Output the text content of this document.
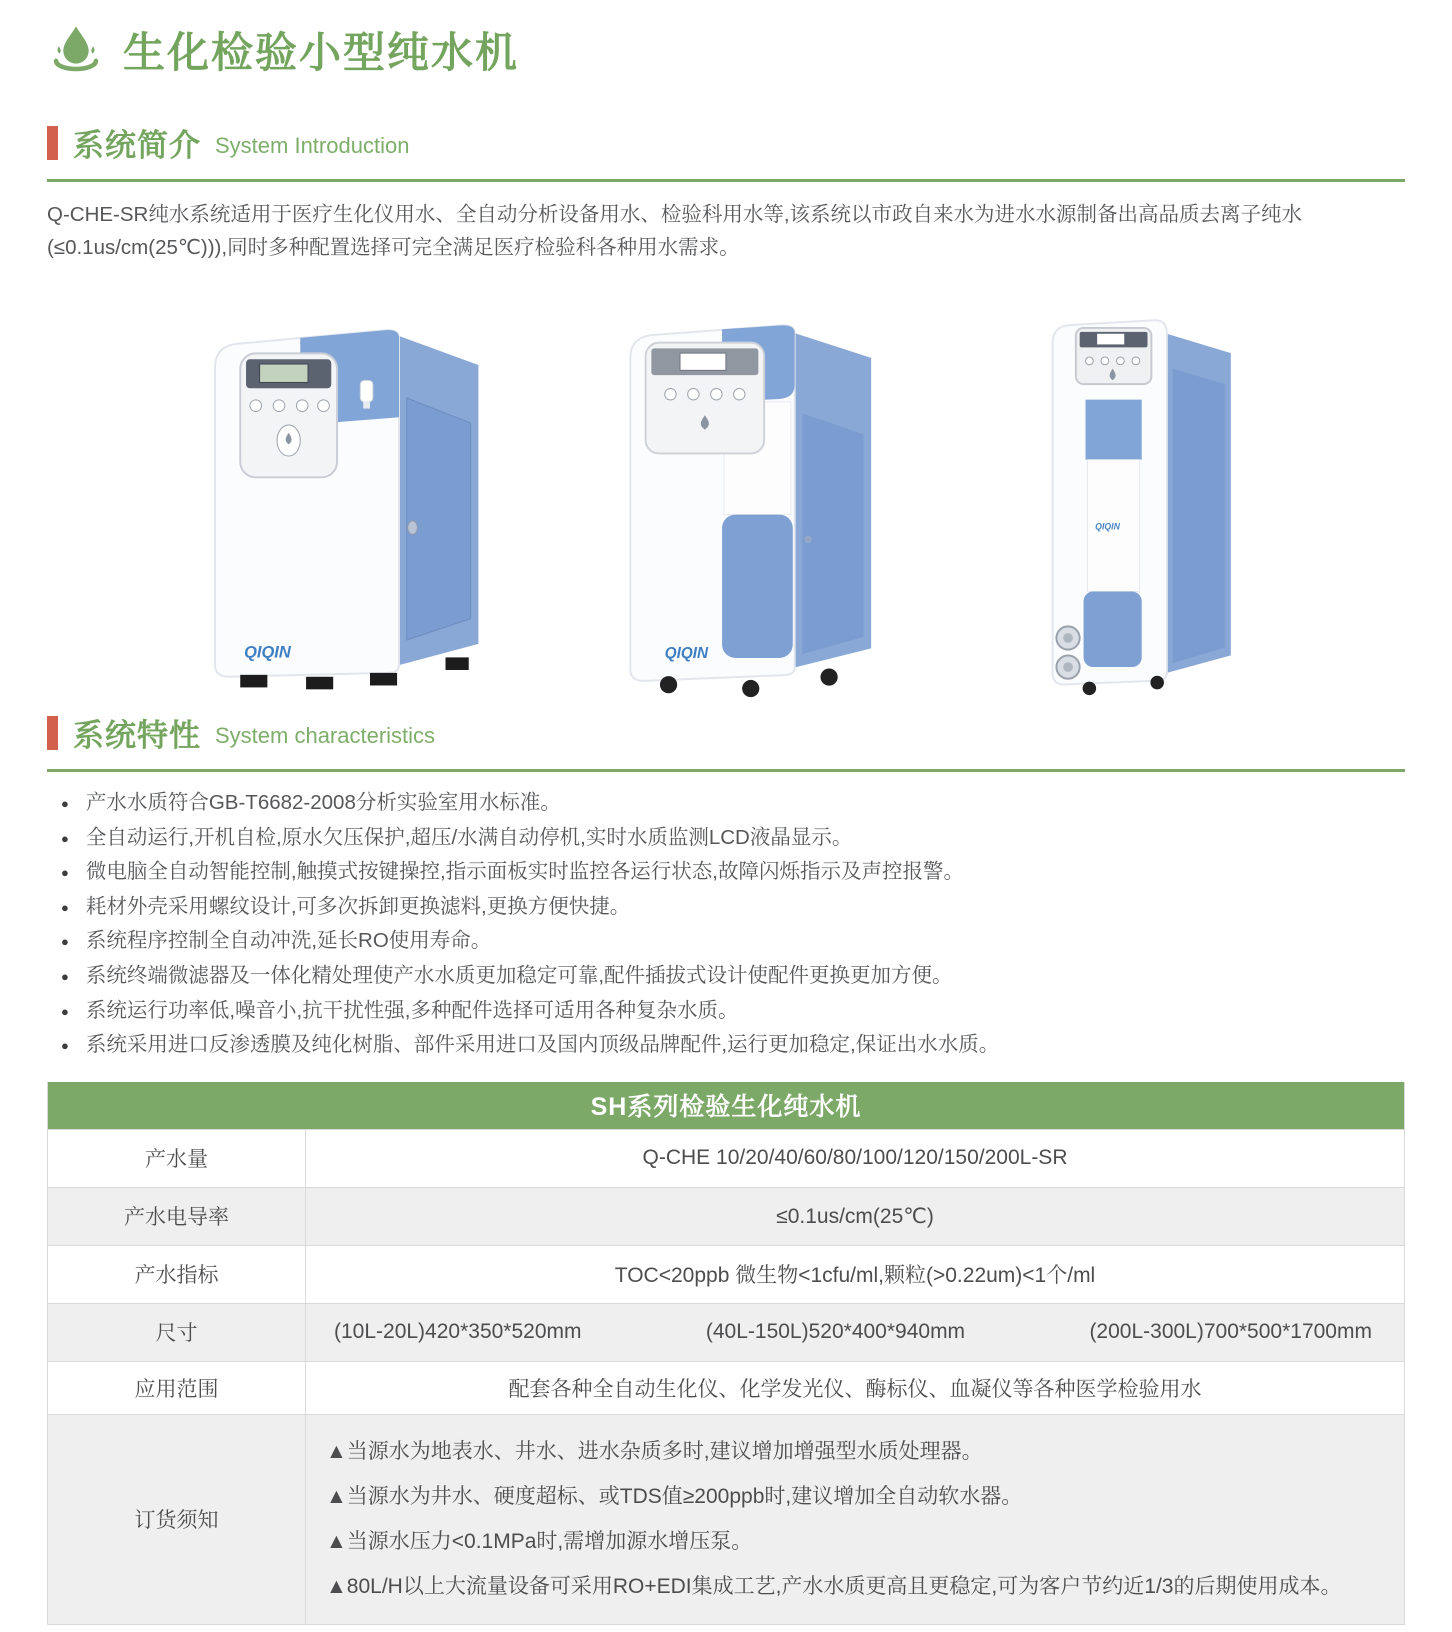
生化检验小型纯水机
系统简介 System Introduction

Q-CHE-SR纯水系统适用于医疗生化仪用水、全自动分析设备用水、检验科用水等,该系统以市政自来水为进水水源制备出高品质去离子纯水(≤0.1us/cm(25℃))),同时多种配置选择可完全满足医疗检验科各种用水需求。

QIQIN	QIQIN
QIQIN
系统特性 System characteristics
● 产水水质符合GB-T6682-2008分析实验室用水标准。
● 全自动运行,开机自检,原水欠压保护,超压/水满自动停机,实时水质监测LCD液晶显示。
● 微电脑全自动智能控制,触摸式按键操控,指示面板实时监控各运行状态,故障闪烁指示及声控报警。
● 耗材外壳采用螺纹设计,可多次拆卸更换滤料,更换方便快捷。
● 系统程序控制全自动冲洗,延长RO使用寿命。
● 系统终端微滤器及一体化精处理使产水水质更加稳定可靠,配件插拔式设计使配件更换更加方便。
● 系统运行功率低,噪音小,抗干扰性强,多种配件选择可适用各种复杂水质。
● 系统采用进口反渗透膜及纯化树脂、部件采用进口及国内顶级品牌配件,运行更加稳定,保证出水水质。
SH系列检验生化纯水机
产水量	Q-CHE 10/20/40/60/80/100/120/150/200L-SR
产水电导率	≤0.1us/cm(25℃)
产水指标	TOC<20ppb 微生物<1cfu/ml,颗粒(>0.22um)<1个/ml
尺寸	(10L-20L)420*350*520mm	(40L-150L)520*400*940mm	(200L-300L)700*500*1700mm
应用范围	配套各种全自动生化仪、化学发光仪、酶标仪、血凝仪等各种医学检验用水
订货须知
▲当源水为地表水、井水、进水杂质多时,建议增加增强型水质处理器。
▲当源水为井水、硬度超标、或TDS值≥200ppb时,建议增加全自动软水器。
▲当源水压力<0.1MPa时,需增加源水增压泵。
▲80L/H以上大流量设备可采用RO+EDI集成工艺,产水水质更高且更稳定,可为客户节约近1/3的后期使用成本。
